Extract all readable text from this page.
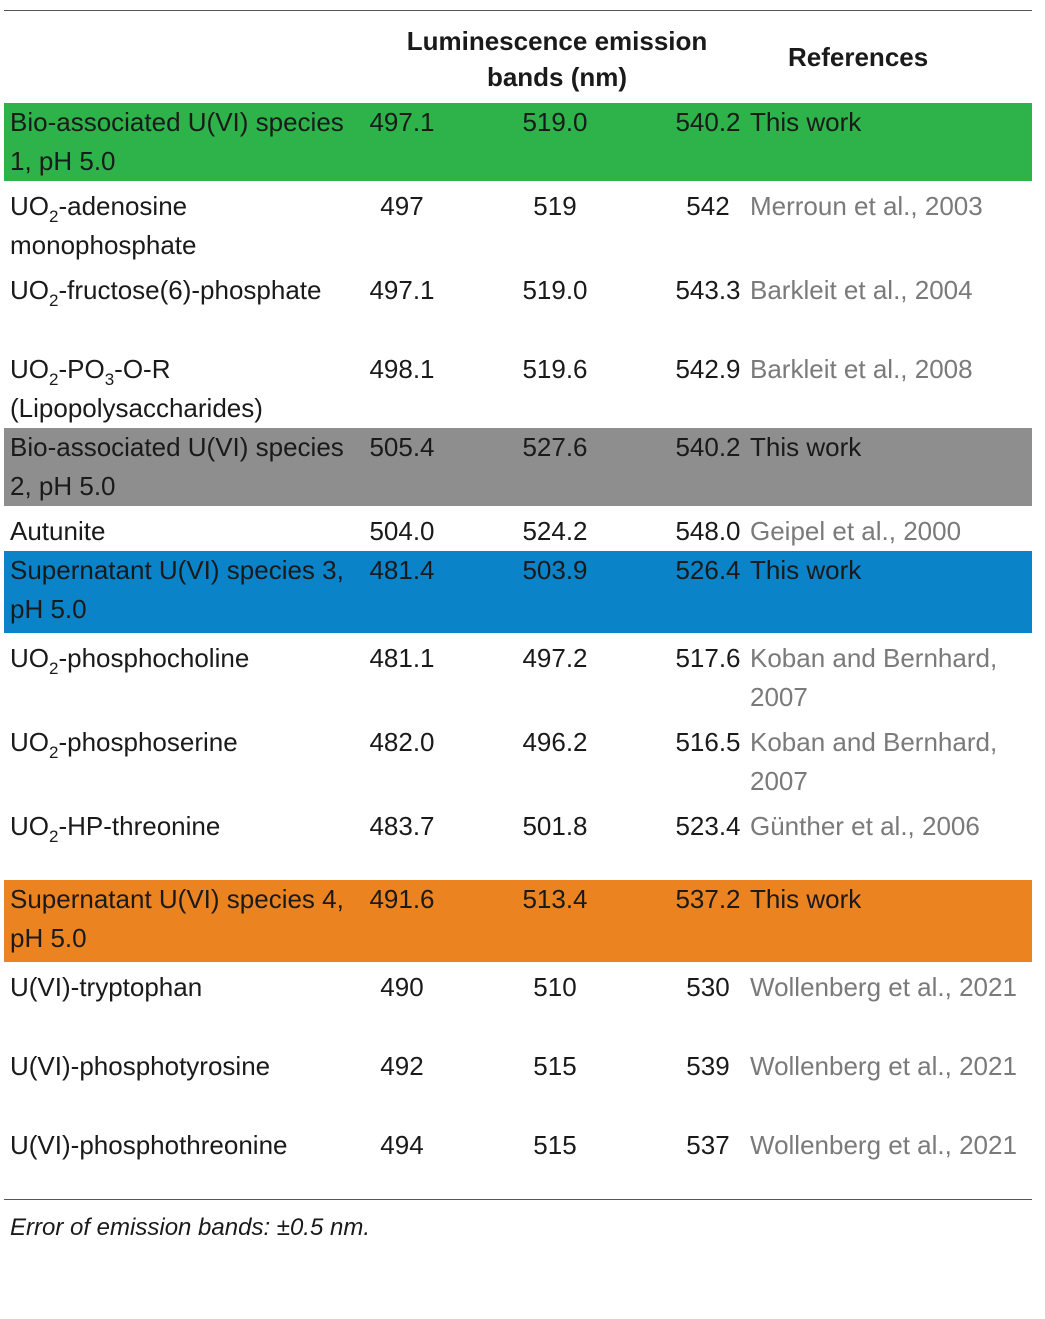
Luminescence emission bands (nm)
References
Bio-associated U(VI) species 1, pH 5.0	497.1	519.0	540.2	This work
$UO_2$-adenosine monophosphate	497	519	542	Merroun et al., 2003
$UO_2-fructose(6)$-phosphate	497.1	519.0	543.3	Barkleit et al., 2004
$UO_2-PO_3-O-R$ (Lipopolysaccharides)	498.1	519.6	542.9	Barkleit et al., 2008
Bio-associated U(VI) species 2, pH 5.0	505.4	527.6	540.2	This work
Autunite	504.0	524.2	548.0	Geipel et al., 2000
Supernatant U(VI) species 3, pH 5.0	481.4	503.9	526.4	This work
$UO_2$-phosphocholine	481.1	497.2	517.6	Koban and Bernhard, 2007
$UO_2$-phosphoserine	482.0	496.2	516.5	Koban and Bernhard, 2007
$UO_2-HP$-threonine	483.7	501.8	523.4	Günther et al., 2006
Supernatant U(VI) species 4, pH 5.0	491.6	513.4	537.2	This work
U(VI)-tryptophan	490	510	530	Wollenberg et al., 2021
U(VI)-phosphotyrosine	492	515	539	Wollenberg et al., 2021
U(VI)-phosphothreonine	494	515	537	Wollenberg et al., 2021
Error of emission bands: ±0.5 nm.
